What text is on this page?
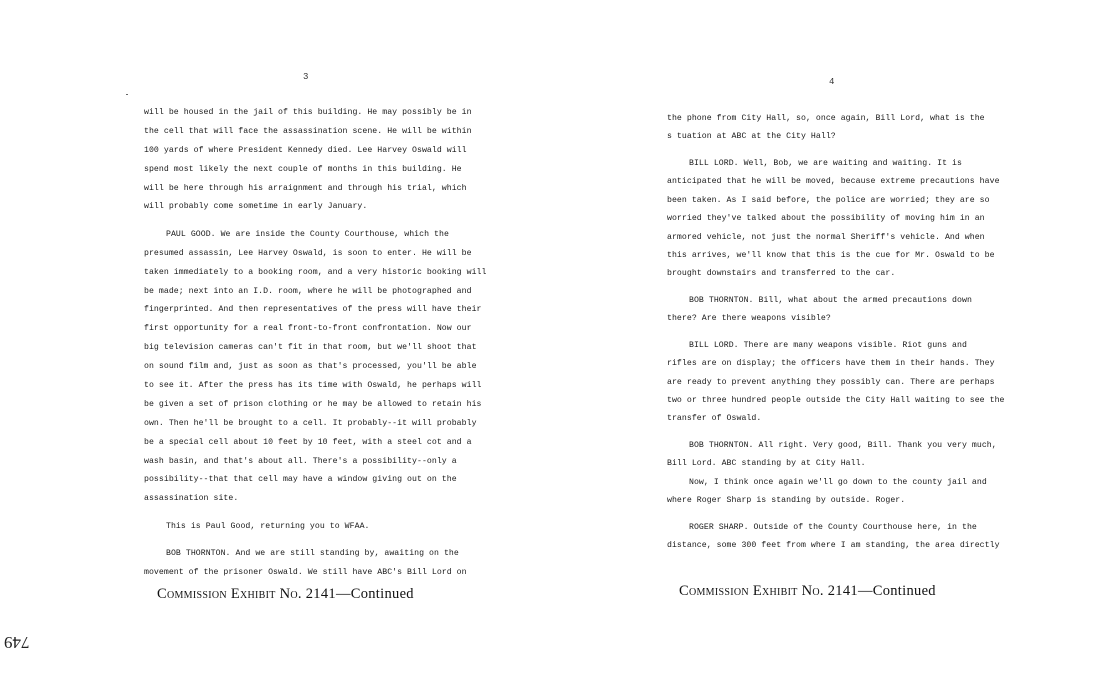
3
will be housed in the jail of this building. He may possibly be in
the cell that will face the assassination scene. He will be within
100 yards of where President Kennedy died. Lee Harvey Oswald will
spend most likely the next couple of months in this building. He
will be here through his arraignment and through his trial, which
will probably come sometime in early January.
PAUL GOOD. We are inside the County Courthouse, which the
presumed assassin, Lee Harvey Oswald, is soon to enter. He will be
taken immediately to a booking room, and a very historic booking will
be made; next into an I.D. room, where he will be photographed and
fingerprinted. And then representatives of the press will have their
first opportunity for a real front-to-front confrontation. Now our
big television cameras can't fit in that room, but we'll shoot that
on sound film and, just as soon as that's processed, you'll be able
to see it. After the press has its time with Oswald, he perhaps will
be given a set of prison clothing or he may be allowed to retain his
own. Then he'll be brought to a cell. It probably--it will probably
be a special cell about 10 feet by 10 feet, with a steel cot and a
wash basin, and that's about all. There's a possibility--only a
possibility--that that cell may have a window giving out on the
assassination site.
This is Paul Good, returning you to WFAA.
BOB THORNTON. And we are still standing by, awaiting on the
movement of the prisoner Oswald. We still have ABC's Bill Lord on
Commission Exhibit No. 2141—Continued
4
the phone from City Hall, so, once again, Bill Lord, what is the
s tuation at ABC at the City Hall?
BILL LORD. Well, Bob, we are waiting and waiting. It is
anticipated that he will be moved, because extreme precautions have
been taken. As I said before, the police are worried; they are so
worried they've talked about the possibility of moving him in an
armored vehicle, not just the normal Sheriff's vehicle. And when
this arrives, we'll know that this is the cue for Mr. Oswald to be
brought downstairs and transferred to the car.
BOB THORNTON. Bill, what about the armed precautions down
there? Are there weapons visible?
BILL LORD. There are many weapons visible. Riot guns and
rifles are on display; the officers have them in their hands. They
are ready to prevent anything they possibly can. There are perhaps
two or three hundred people outside the City Hall waiting to see the
transfer of Oswald.
BOB THORNTON. All right. Very good, Bill. Thank you very much,
Bill Lord. ABC standing by at City Hall.
Now, I think once again we'll go down to the county jail and
where Roger Sharp is standing by outside. Roger.
ROGER SHARP. Outside of the County Courthouse here, in the
distance, some 300 feet from where I am standing, the area directly
Commission Exhibit No. 2141—Continued
749
